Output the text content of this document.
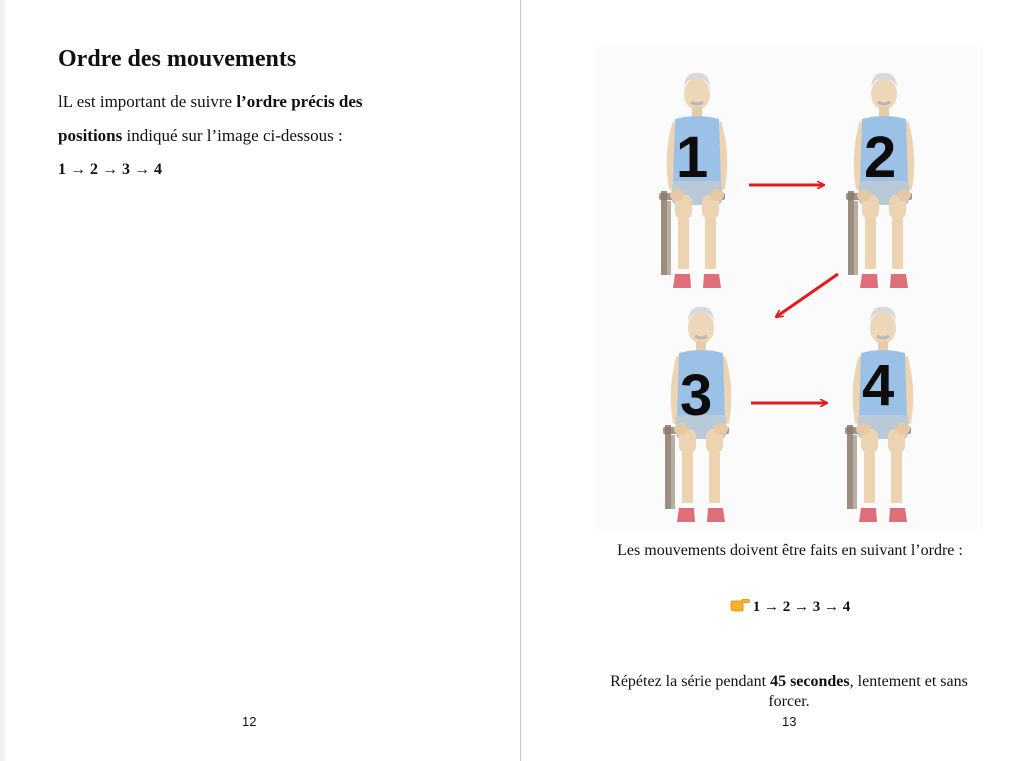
Ordre des mouvements

lL est important de suivre l’ordre précis des
positions indiqué sur l’image ci-dessous :

1 → 2 → 3 → 4

12
1	2
3	4

Les mouvements doivent être faits en suivant l’ordre :

1 → 2 → 3 → 4

Répétez la série pendant 45 secondes, lentement et sans forcer.

13
